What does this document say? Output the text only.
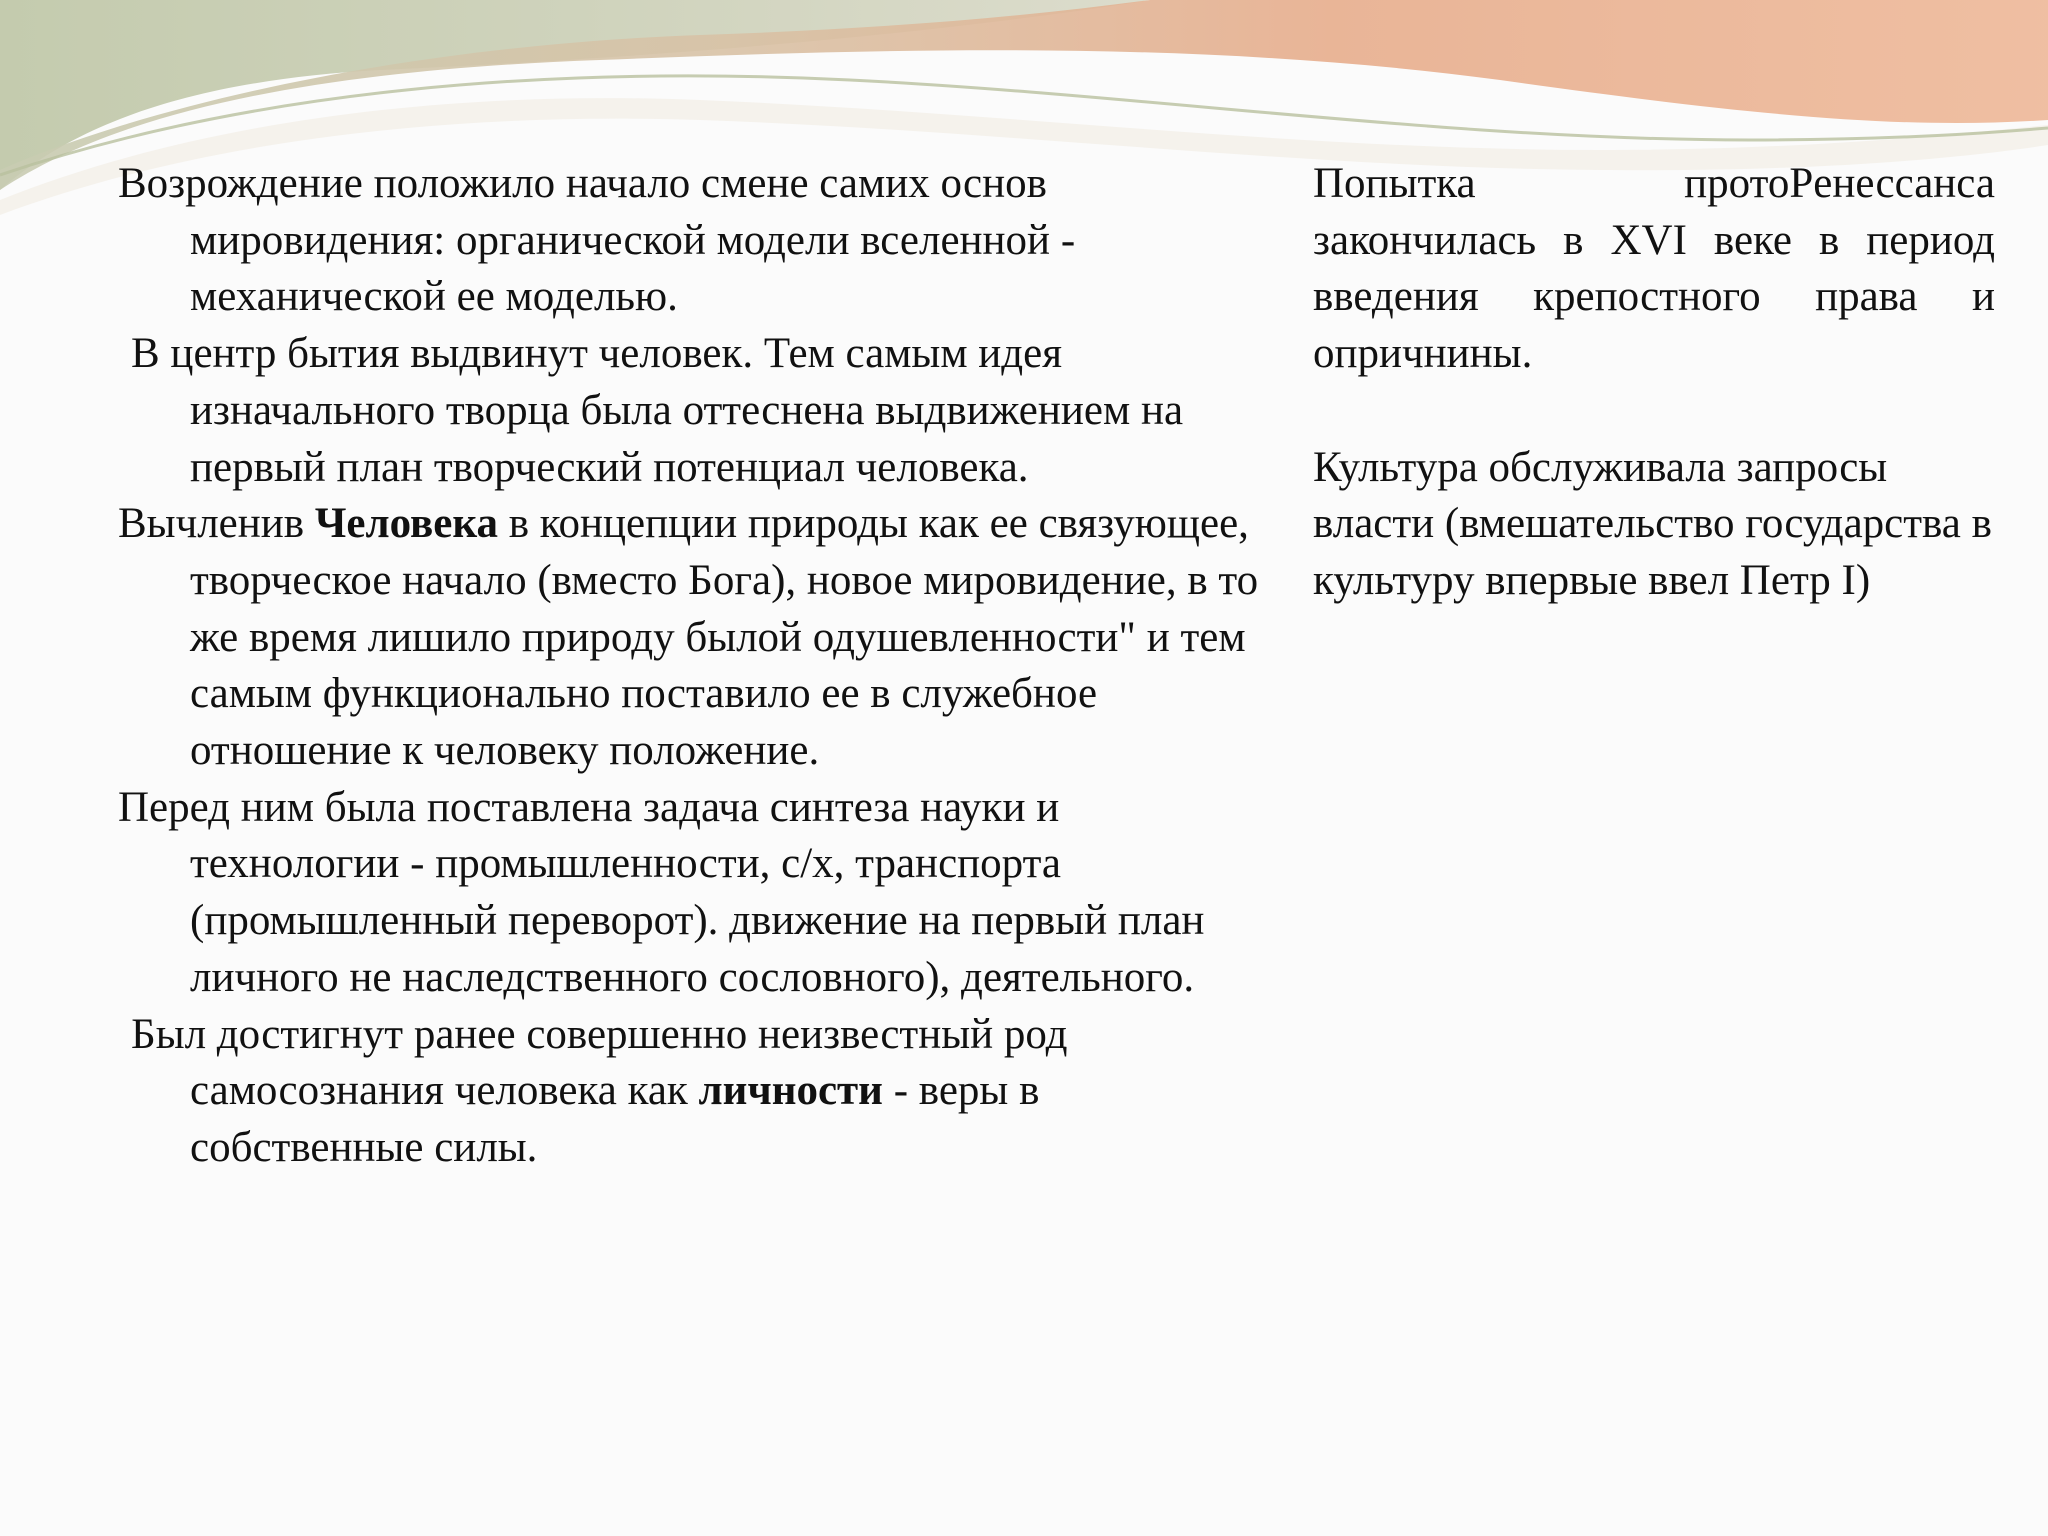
Возрождение положило начало смене самих основ мировидения: органической модели вселенной - механической ее моделью.

В центр бытия выдвинут человек. Тем самым идея изначального творца была оттеснена выдвижением на первый план творческий потенциал человека.

Вычленив Человека в концепции природы как ее связующее, творческое начало (вместо Бога), новое мировидение, в то же время лишило природу былой одушевленности" и тем самым функционально поставило ее в служебное отношение к человеку положение.

Перед ним была поставлена задача синтеза науки и технологии - промышленности, с/х, транспорта (промышленный переворот). движение на первый план личного не наследственного сословного), деятельного.

Был достигнут ранее совершенно неизвестный род самосознания человека как личности - веры в собственные силы.

Попытка протоPенессанса закончилась в XVI веке в период введения крепостного права и опричнины.

Культура обслуживала запросы власти (вмешательство государства в культуру впервые ввел Петр I)
